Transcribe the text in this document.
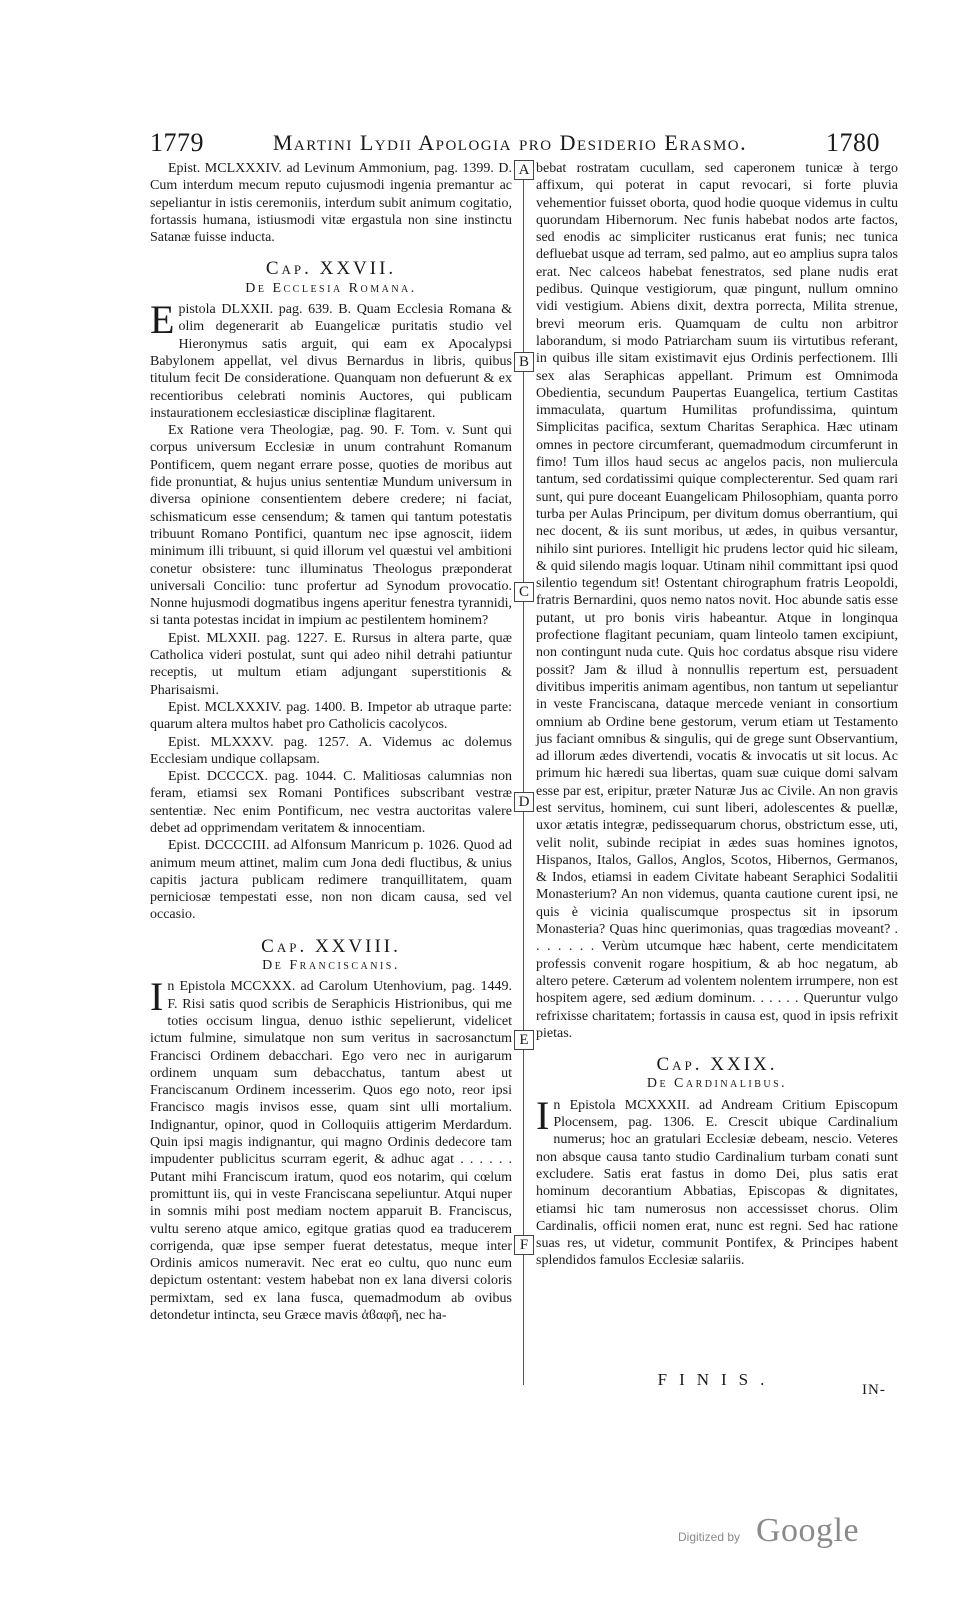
1779	Martini Lydii Apologia pro Desiderio Erasmo.	1780
A
B
C
D
E
F

Epist. MCLXXXIV. ad Levinum Ammonium, pag. 1399. D. Cum interdum mecum reputo cujusmodi ingenia premantur ac sepeliantur in istis ceremoniis, interdum subit animum cogitatio, fortassis humana, istiusmodi vitæ ergastula non sine instinctu Satanæ fuisse inducta.

Cap. XXVII.
De Ecclesia Romana.

Epistola DLXXII. pag. 639. B. Quam Ecclesia Romana & olim degenerarit ab Euangelicæ puritatis studio vel Hieronymus satis arguit, qui eam ex Apocalypsi Babylonem appellat, vel divus Bernardus in libris, quibus titulum fecit De consideratione. Quanquam non defuerunt & ex recentioribus celebrati nominis Auctores, qui publicam instaurationem ecclesiasticæ disciplinæ flagitarent.

Ex Ratione vera Theologiæ, pag. 90. F. Tom. v. Sunt qui corpus universum Ecclesiæ in unum contrahunt Romanum Pontificem, quem negant errare posse, quoties de moribus aut fide pronuntiat, & hujus unius sententiæ Mundum universum in diversa opinione consentientem debere credere; ni faciat, schismaticum esse censendum; & tamen qui tantum potestatis tribuunt Romano Pontifici, quantum nec ipse agnoscit, iidem minimum illi tribuunt, si quid illorum vel quæstui vel ambitioni conetur obsistere: tunc illuminatus Theologus præponderat universali Concilio: tunc profertur ad Synodum provocatio. Nonne hujusmodi dogmatibus ingens aperitur fenestra tyrannidi, si tanta potestas incidat in impium ac pestilentem hominem?

Epist. MLXXII. pag. 1227. E. Rursus in altera parte, quæ Catholica videri postulat, sunt qui adeo nihil detrahi patiuntur receptis, ut multum etiam adjungant superstitionis & Pharisaismi.

Epist. MCLXXXIV. pag. 1400. B. Impetor ab utraque parte: quarum altera multos habet pro Catholicis cacolycos.

Epist. MLXXXV. pag. 1257. A. Videmus ac dolemus Ecclesiam undique collapsam.

Epist. DCCCCX. pag. 1044. C. Malitiosas calumnias non feram, etiamsi sex Romani Pontifices subscribant vestræ sententiæ. Nec enim Pontificum, nec vestra auctoritas valere debet ad opprimendam veritatem & innocentiam.

Epist. DCCCCIII. ad Alfonsum Manricum p. 1026. Quod ad animum meum attinet, malim cum Jona dedi fluctibus, & unius capitis jactura publicam redimere tranquillitatem, quam perniciosæ tempestati esse, non non dicam causa, sed vel occasio.

Cap. XXVIII.
De Franciscanis.

In Epistola MCCXXX. ad Carolum Utenhovium, pag. 1449. F. Risi satis quod scribis de Seraphicis Histrionibus, qui me toties occisum lingua, denuo isthic sepelierunt, videlicet ictum fulmine, simulatque non sum veritus in sacrosanctum Francisci Ordinem debacchari. Ego vero nec in aurigarum ordinem unquam sum debacchatus, tantum abest ut Franciscanum Ordinem incesserim. Quos ego noto, reor ipsi Francisco magis invisos esse, quam sint ulli mortalium. Indignantur, opinor, quod in Colloquiis attigerim Merdardum. Quin ipsi magis indignantur, qui magno Ordinis dedecore tam impudenter publicitus scurram egerit, & adhuc agat . . . . . . Putant mihi Franciscum iratum, quod eos notarim, qui cœlum promittunt iis, qui in veste Franciscana sepeliuntur. Atqui nuper in somnis mihi post mediam noctem apparuit B. Franciscus, vultu sereno atque amico, egitque gratias quod ea traducerem corrigenda, quæ ipse semper fuerat detestatus, meque inter Ordinis amicos numeravit. Nec erat eo cultu, quo nunc eum depictum ostentant: vestem habebat non ex lana diversi coloris permixtam, sed ex lana fusca, quemadmodum ab ovibus detondetur intincta, seu Græce mavis ἀϐαφῆ, nec ha-

bebat rostratam cucullam, sed caperonem tunicæ à tergo affixum, qui poterat in caput revocari, si forte pluvia vehementior fuisset oborta, quod hodie quoque videmus in cultu quorundam Hibernorum. Nec funis habebat nodos arte factos, sed enodis ac simpliciter rusticanus erat funis; nec tunica defluebat usque ad terram, sed palmo, aut eo amplius supra talos erat. Nec calceos habebat fenestratos, sed plane nudis erat pedibus. Quinque vestigiorum, quæ pingunt, nullum omnino vidi vestigium. Abiens dixit, dextra porrecta, Milita strenue, brevi meorum eris. Quamquam de cultu non arbitror laborandum, si modo Patriarcham suum iis virtutibus referant, in quibus ille sitam existimavit ejus Ordinis perfectionem. Illi sex alas Seraphicas appellant. Primum est Omnimoda Obedientia, secundum Paupertas Euangelica, tertium Castitas immaculata, quartum Humilitas profundissima, quintum Simplicitas pacifica, sextum Charitas Seraphica. Hæc utinam omnes in pectore circumferant, quemadmodum circumferunt in fimo! Tum illos haud secus ac angelos pacis, non muliercula tantum, sed cordatissimi quique complecterentur. Sed quam rari sunt, qui pure doceant Euangelicam Philosophiam, quanta porro turba per Aulas Principum, per divitum domus oberrantium, qui nec docent, & iis sunt moribus, ut ædes, in quibus versantur, nihilo sint puriores. Intelligit hic prudens lector quid hic sileam, & quid silendo magis loquar. Utinam nihil committant ipsi quod silentio tegendum sit! Ostentant chirographum fratris Leopoldi, fratris Bernardini, quos nemo natos novit. Hoc abunde satis esse putant, ut pro bonis viris habeantur. Atque in longinqua profectione flagitant pecuniam, quam linteolo tamen excipiunt, non contingunt nuda cute. Quis hoc cordatus absque risu videre possit? Jam & illud à nonnullis repertum est, persuadent divitibus imperitis animam agentibus, non tantum ut sepeliantur in veste Franciscana, dataque mercede veniant in consortium omnium ab Ordine bene gestorum, verum etiam ut Testamento jus faciant omnibus & singulis, qui de grege sunt Observantium, ad illorum ædes divertendi, vocatis & invocatis ut sit locus. Ac primum hic hæredi sua libertas, quam suæ cuique domi salvam esse par est, eripitur, præter Naturæ Jus ac Civile. An non gravis est servitus, hominem, cui sunt liberi, adolescentes & puellæ, uxor ætatis integræ, pedissequarum chorus, obstrictum esse, uti, velit nolit, subinde recipiat in ædes suas homines ignotos, Hispanos, Italos, Gallos, Anglos, Scotos, Hibernos, Germanos, & Indos, etiamsi in eadem Civitate habeant Seraphici Sodalitii Monasterium? An non videmus, quanta cautione curent ipsi, ne quis è vicinia qualiscumque prospectus sit in ipsorum Monasteria? Quas hinc querimonias, quas tragœdias moveant? . . . . . . . Verùm utcumque hæc habent, certe mendicitatem professis convenit rogare hospitium, & ab hoc negatum, ab altero petere. Cæterum ad volentem nolentem irrumpere, non est hospitem agere, sed ædium dominum. . . . . . Queruntur vulgo refrixisse charitatem; fortassis in causa est, quod in ipsis refrixit pietas.

Cap. XXIX.
De Cardinalibus.

In Epistola MCXXXII. ad Andream Critium Episcopum Plocensem, pag. 1306. E. Crescit ubique Cardinalium numerus; hoc an gratulari Ecclesiæ debeam, nescio. Veteres non absque causa tanto studio Cardinalium turbam conati sunt excludere. Satis erat fastus in domo Dei, plus satis erat hominum decorantium Abbatias, Episcopas & dignitates, etiamsi hic tam numerosus non accessisset chorus. Olim Cardinalis, officii nomen erat, nunc est regni. Sed hac ratione suas res, ut videtur, communit Pontifex, & Principes habent splendidos famulos Ecclesiæ salariis.

FINIS.
IN-
Digitized by Google
